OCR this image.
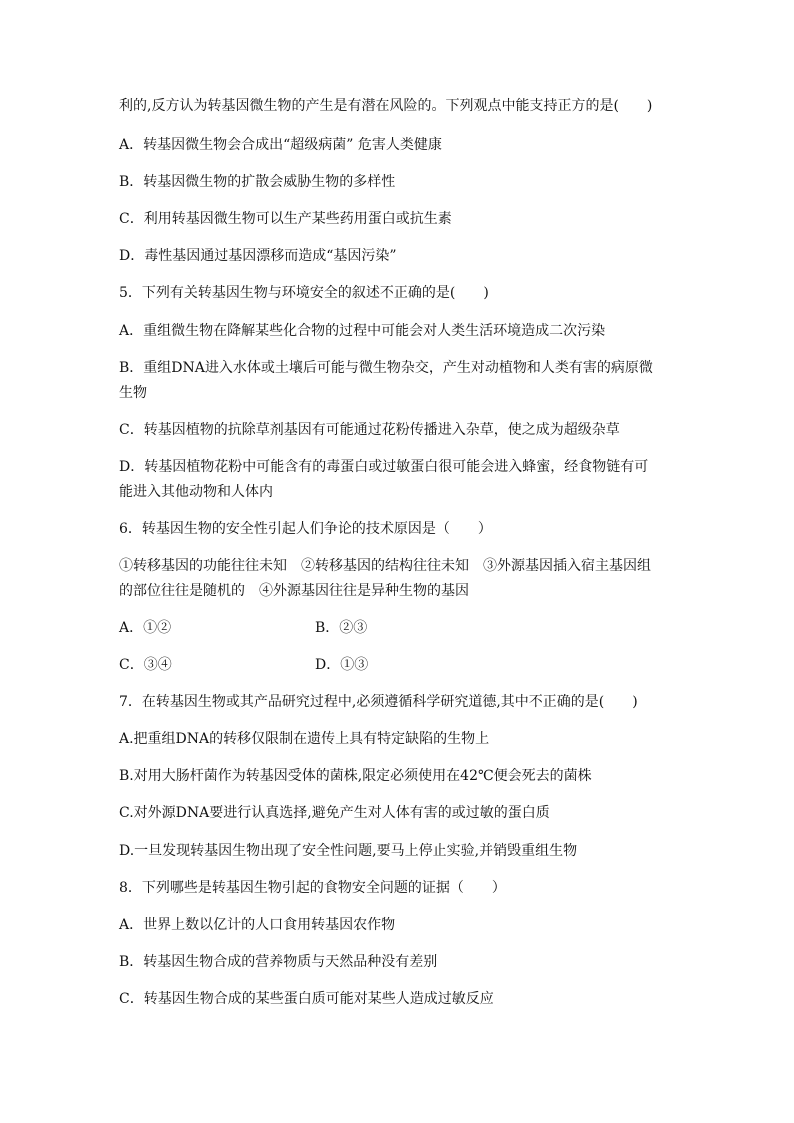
利的,反方认为转基因微生物的产生是有潜在风险的。下列观点中能支持正方的是(　　)
A．转基因微生物会合成出“超级病菌” 危害人类健康
B．转基因微生物的扩散会威胁生物的多样性
C．利用转基因微生物可以生产某些药用蛋白或抗生素
D．毒性基因通过基因漂移而造成“基因污染”
5．下列有关转基因生物与环境安全的叙述不正确的是(　　)
A．重组微生物在降解某些化合物的过程中可能会对人类生活环境造成二次污染
B．重组DNA进入水体或土壤后可能与微生物杂交，产生对动植物和人类有害的病原微
生物
C．转基因植物的抗除草剂基因有可能通过花粉传播进入杂草，使之成为超级杂草
D．转基因植物花粉中可能含有的毒蛋白或过敏蛋白很可能会进入蜂蜜，经食物链有可
能进入其他动物和人体内
6．转基因生物的安全性引起人们争论的技术原因是（　　）
①转移基因的功能往往未知　②转移基因的结构往往未知　③外源基因插入宿主基因组
的部位往往是随机的　④外源基因往往是异种生物的基因
A．①②	B．②③
C．③④	D．①③
7．在转基因生物或其产品研究过程中,必须遵循科学研究道德,其中不正确的是(　　)
A.把重组DNA的转移仅限制在遗传上具有特定缺陷的生物上
B.对用大肠杆菌作为转基因受体的菌株,限定必须使用在42℃便会死去的菌株
C.对外源DNA要进行认真选择,避免产生对人体有害的或过敏的蛋白质
D.一旦发现转基因生物出现了安全性问题,要马上停止实验,并销毁重组生物
8．下列哪些是转基因生物引起的食物安全问题的证据（　　）
A．世界上数以亿计的人口食用转基因农作物
B．转基因生物合成的营养物质与天然品种没有差别
C．转基因生物合成的某些蛋白质可能对某些人造成过敏反应
